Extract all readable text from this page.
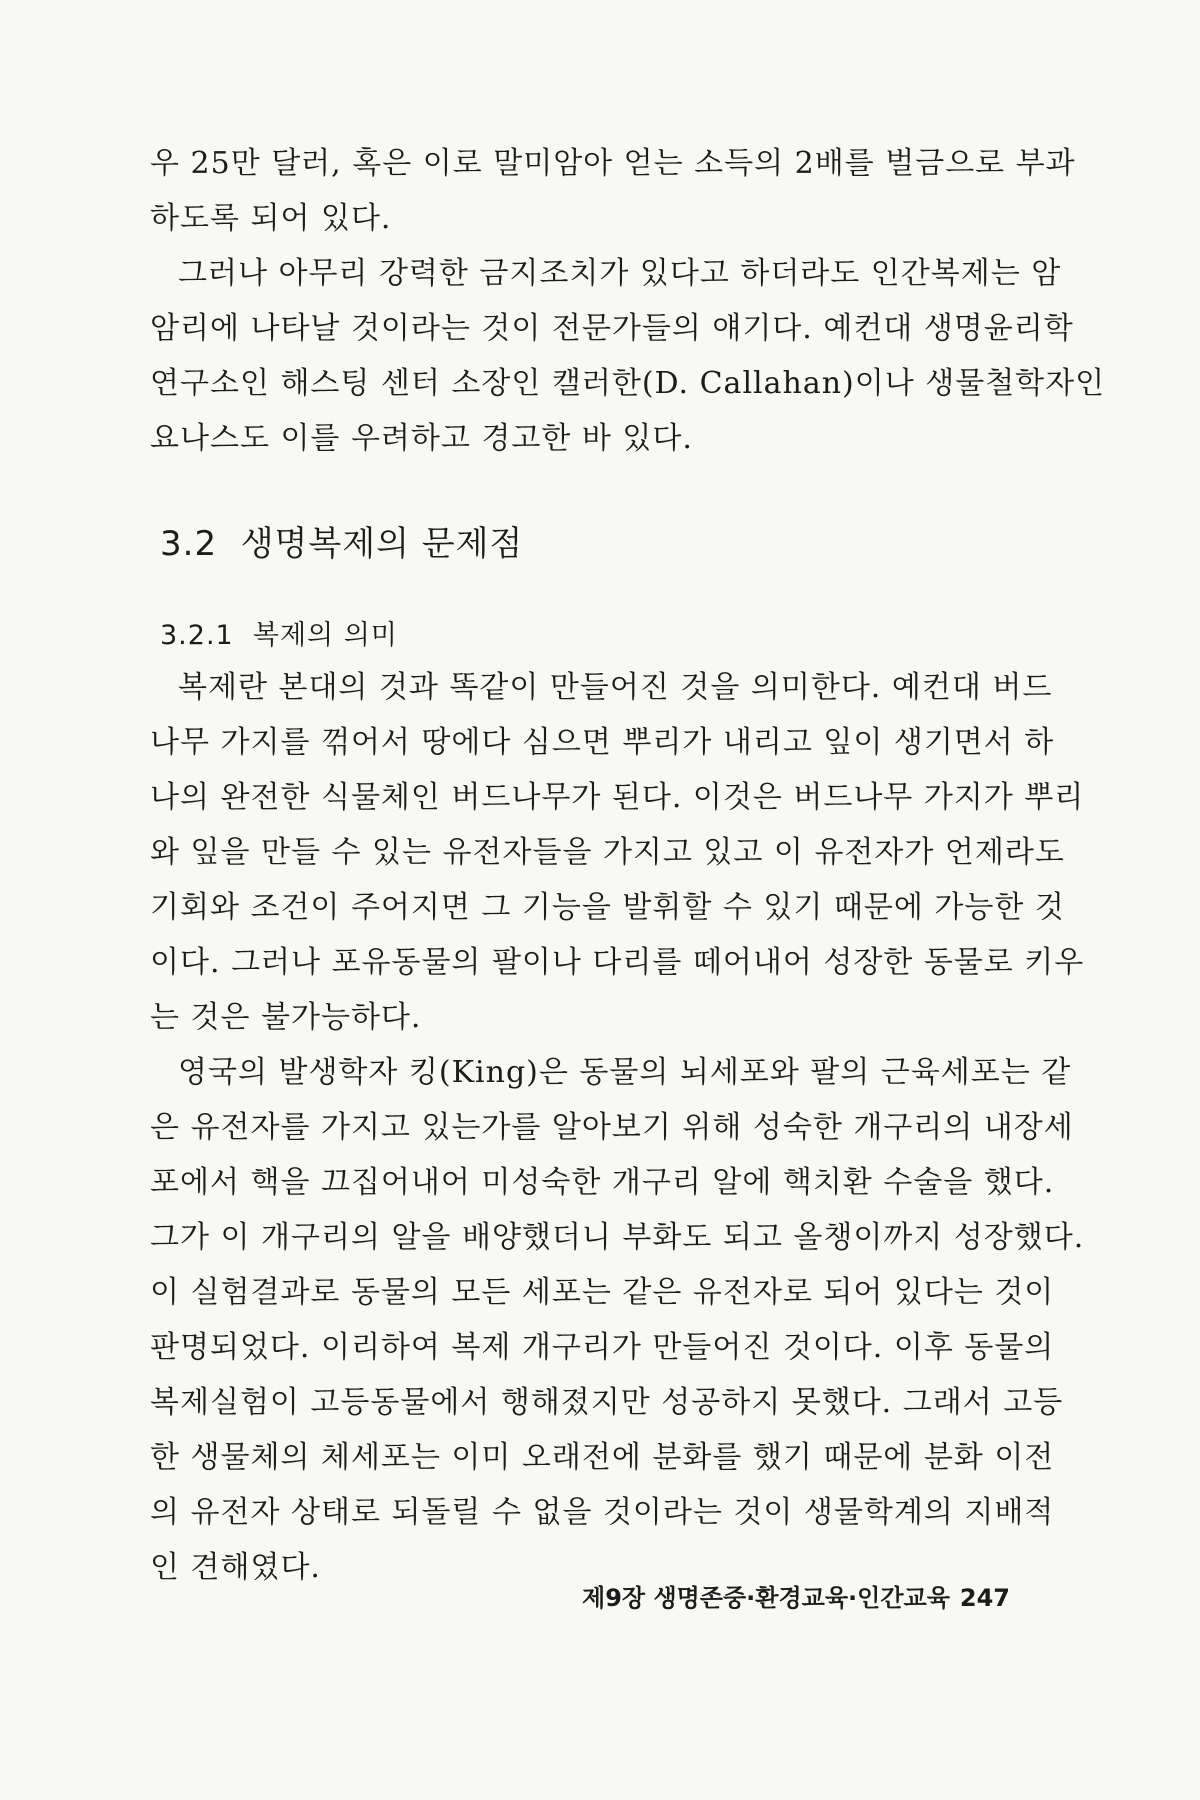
우 25만 달러, 혹은 이로 말미암아 얻는 소득의 2배를 벌금으로 부과
하도록 되어 있다.

그러나 아무리 강력한 금지조치가 있다고 하더라도 인간복제는 암
암리에 나타날 것이라는 것이 전문가들의 얘기다. 예컨대 생명윤리학
연구소인 해스팅 센터 소장인 캘러한(D. Callahan)이나 생물철학자인
요나스도 이를 우려하고 경고한 바 있다.

3.2 생명복제의 문제점
3.2.1 복제의 의미

복제란 본대의 것과 똑같이 만들어진 것을 의미한다. 예컨대 버드
나무 가지를 꺾어서 땅에다 심으면 뿌리가 내리고 잎이 생기면서 하
나의 완전한 식물체인 버드나무가 된다. 이것은 버드나무 가지가 뿌리
와 잎을 만들 수 있는 유전자들을 가지고 있고 이 유전자가 언제라도
기회와 조건이 주어지면 그 기능을 발휘할 수 있기 때문에 가능한 것
이다. 그러나 포유동물의 팔이나 다리를 떼어내어 성장한 동물로 키우
는 것은 불가능하다.

영국의 발생학자 킹(King)은 동물의 뇌세포와 팔의 근육세포는 같
은 유전자를 가지고 있는가를 알아보기 위해 성숙한 개구리의 내장세
포에서 핵을 끄집어내어 미성숙한 개구리 알에 핵치환 수술을 했다.
그가 이 개구리의 알을 배양했더니 부화도 되고 올챙이까지 성장했다.
이 실험결과로 동물의 모든 세포는 같은 유전자로 되어 있다는 것이
판명되었다. 이리하여 복제 개구리가 만들어진 것이다. 이후 동물의
복제실험이 고등동물에서 행해졌지만 성공하지 못했다. 그래서 고등
한 생물체의 체세포는 이미 오래전에 분화를 했기 때문에 분화 이전
의 유전자 상태로 되돌릴 수 없을 것이라는 것이 생물학계의 지배적
인 견해였다.

제9장 생명존중·환경교육·인간교육 247
